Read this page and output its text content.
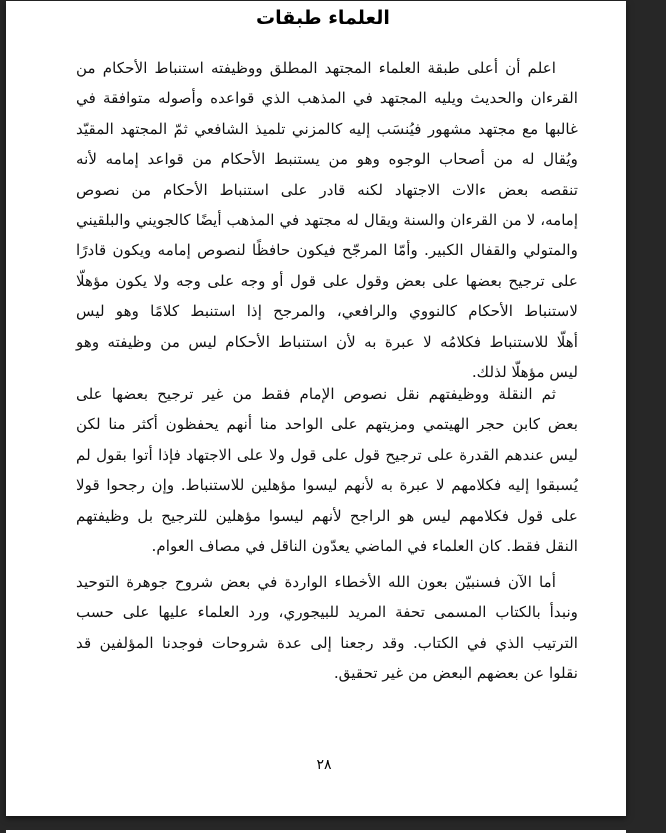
العلماء طبقات
اعلم أن أعلى طبقة العلماء المجتهد المطلق ووظيفته استنباط الأحكام من
القرءان والحديث ويليه المجتهد في المذهب الذي قواعده وأصوله متوافقة في
غالبها مع مجتهد مشهور فيُنسَب إليه كالمزني تلميذ الشافعي ثمّ المجتهد المقيّد
ويُقال له من أصحاب الوجوه وهو من يستنبط الأحكام من قواعد إمامه لأنه
تنقصه بعض ءالات الاجتهاد لكنه قادر على استنباط الأحكام من نصوص
إمامه، لا من القرءان والسنة ويقال له مجتهد في المذهب أيضًا كالجويني والبلقيني
والمتولي والقفال الكبير. وأمّا المرجّح فيكون حافظًا لنصوص إمامه ويكون قادرًا
على ترجيح بعضها على بعض وقول على قول أو وجه على وجه ولا يكون مؤهلّا
لاستنباط الأحكام كالنووي والرافعي، والمرجح إذا استنبط كلامًا وهو ليس
أهلّا للاستنباط فكلامُه لا عبرة به لأن استنباط الأحكام ليس من وظيفته وهو
ليس مؤهلّا لذلك.
ثم النقلة ووظيفتهم نقل نصوص الإمام فقط من غير ترجيح بعضها على
بعض كابن حجر الهيتمي ومزيتهم على الواحد منا أنهم يحفظون أكثر منا لكن
ليس عندهم القدرة على ترجيح قول على قول ولا على الاجتهاد فإذا أتوا بقول لم
يُسبقوا إليه فكلامهم لا عبرة به لأنهم ليسوا مؤهلين للاستنباط. وإن رجحوا قولا
على قول فكلامهم ليس هو الراجح لأنهم ليسوا مؤهلين للترجيح بل وظيفتهم
النقل فقط. كان العلماء في الماضي يعدّون الناقل في مصاف العوام.
أما الآن فسنبيّن بعون الله الأخطاء الواردة في بعض شروح جوهرة التوحيد
ونبدأ بالكتاب المسمى تحفة المريد للبيجوري، ورد العلماء عليها على حسب
الترتيب الذي في الكتاب. وقد رجعنا إلى عدة شروحات فوجدنا المؤلفين قد
نقلوا عن بعضهم البعض من غير تحقيق.
٢٨
